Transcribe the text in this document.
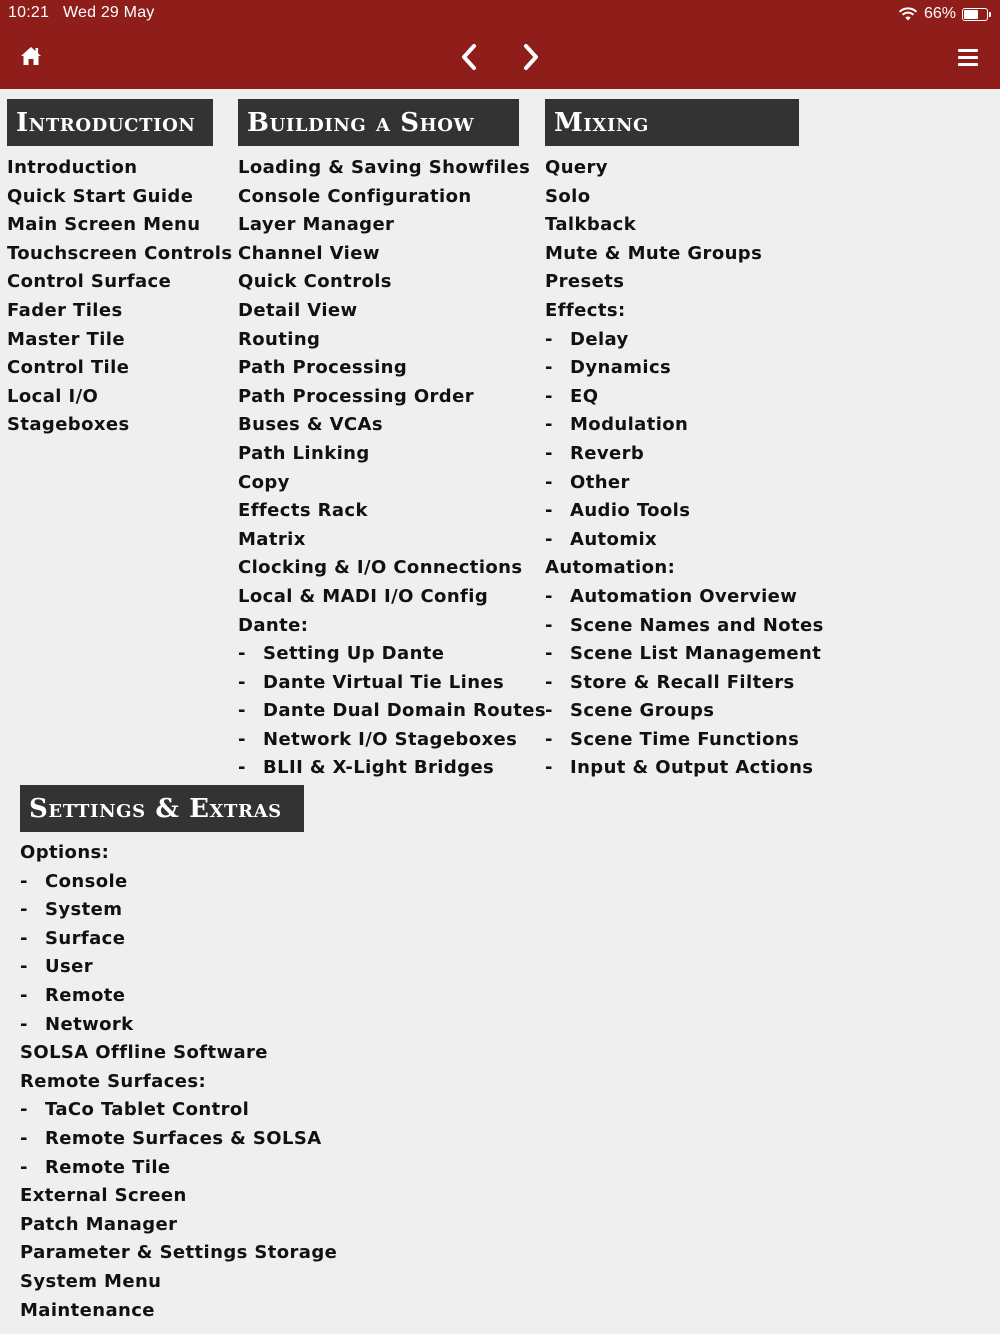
10:21 Wed 29 May	66%
Introduction	Building a Show	Mixing
Introduction
Quick Start Guide
Main Screen Menu
Touchscreen Controls
Control Surface
Fader Tiles
Master Tile
Control Tile
Local I/O
Stageboxes
Loading & Saving Showfiles
Console Configuration
Layer Manager
Channel View
Quick Controls
Detail View
Routing
Path Processing
Path Processing Order
Buses & VCAs
Path Linking
Copy
Effects Rack
Matrix
Clocking & I/O Connections
Local & MADI I/O Config
Dante:
- Setting Up Dante
- Dante Virtual Tie Lines
- Dante Dual Domain Routes
- Network I/O Stageboxes
- BLII & X-Light Bridges
Query
Solo
Talkback
Mute & Mute Groups
Presets
Effects:
- Delay
- Dynamics
- EQ
- Modulation
- Reverb
- Other
- Audio Tools
- Automix
Automation:
- Automation Overview
- Scene Names and Notes
- Scene List Management
- Store & Recall Filters
- Scene Groups
- Scene Time Functions
- Input & Output Actions
Settings & Extras
Options:
- Console
- System
- Surface
- User
- Remote
- Network
SOLSA Offline Software
Remote Surfaces:
- TaCo Tablet Control
- Remote Surfaces & SOLSA
- Remote Tile
External Screen
Patch Manager
Parameter & Settings Storage
System Menu
Maintenance
